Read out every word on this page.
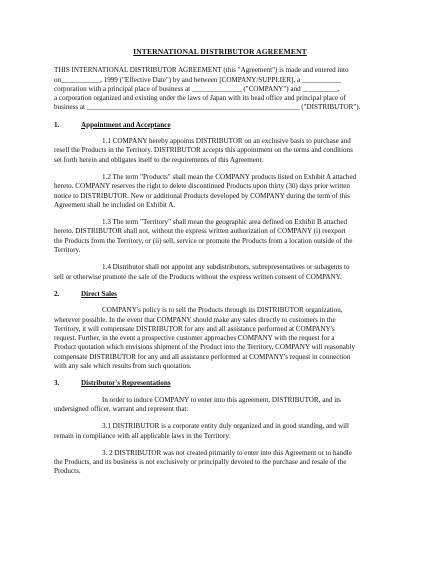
INTERNATIONAL DISTRIBUTOR AGREEMENT
THIS INTERNATIONAL DISTRIBUTOR AGREEMENT (this "Agreement") is made and entered into
on___________, 1999 ("Effective Date") by and between [COMPANY/SUPPLIER], a ___________
corporation with a principal place of business at ______________ ("COMPANY") and __________,
a corporation organized and existing under the laws of Japan with its head office and principal place of
business at ____________________________________________________________ ("DISTRIBUTOR").
1.	Appointment and Acceptance
1.1 COMPANY hereby appoints DISTRIBUTOR on an exclusive basis to purchase and
resell the Products in the Territory. DISTRIBUTOR accepts this appointment on the terms and conditions
set forth herein and obligates itself to the requirements of this Agreement.
1.2 The term "Products" shall mean the COMPANY products listed on Exhibit A attached
hereto. COMPANY reserves the right to delete discontinued Products upon thirty (30) days prior written
notice to DISTRIBUTOR. New or additional Products developed by COMPANY during the term of this
Agreement shall be included on Exhibit A.
1.3 The term "Territory" shall mean the geographic area defined on Exhibit B attached
hereto. DISTRIBUTOR shall not, without the express written authorization of COMPANY (i) reexport
the Products from the Territory, or (ii) sell, service or promote the Products from a location outside of the
Territory.
1.4 Distributor shall not appoint any subdistributors, subrepresentatives or subagents to
sell or otherwise promote the sale of the Products without the express written consent of COMPANY.
2.	Direct Sales
COMPANY's policy is to sell the Products through its DISTRIBUTOR organization,
wherever possible. In the event that COMPANY should make any sales directly to customers in the
Territory, it will compensate DISTRIBUTOR for any and all assistance performed at COMPANY's
request. Further, in the event a prospective customer approaches COMPANY with the request for a
Product quotation which envisions shipment of the Product into the Territory, COMPANY will reasonably
compensate DISTRIBUTOR for any and all assistance performed at COMPANY's request in connection
with any sale which results from such quotation.
3.	Distributor's Representations
In order to induce COMPANY to enter into this agreement, DISTRIBUTOR, and its
undersigned officer, warrant and represent that:
3.1 DISTRIBUTOR is a corporate entity duly organized and in good standing, and will
remain in compliance with all applicable laws in the Territory.
3. 2 DISTRIBUTOR was not created primarily to enter into this Agreement or to handle
the Products, and its business is not exclusively or principally devoted to the purchase and resale of the
Products.
